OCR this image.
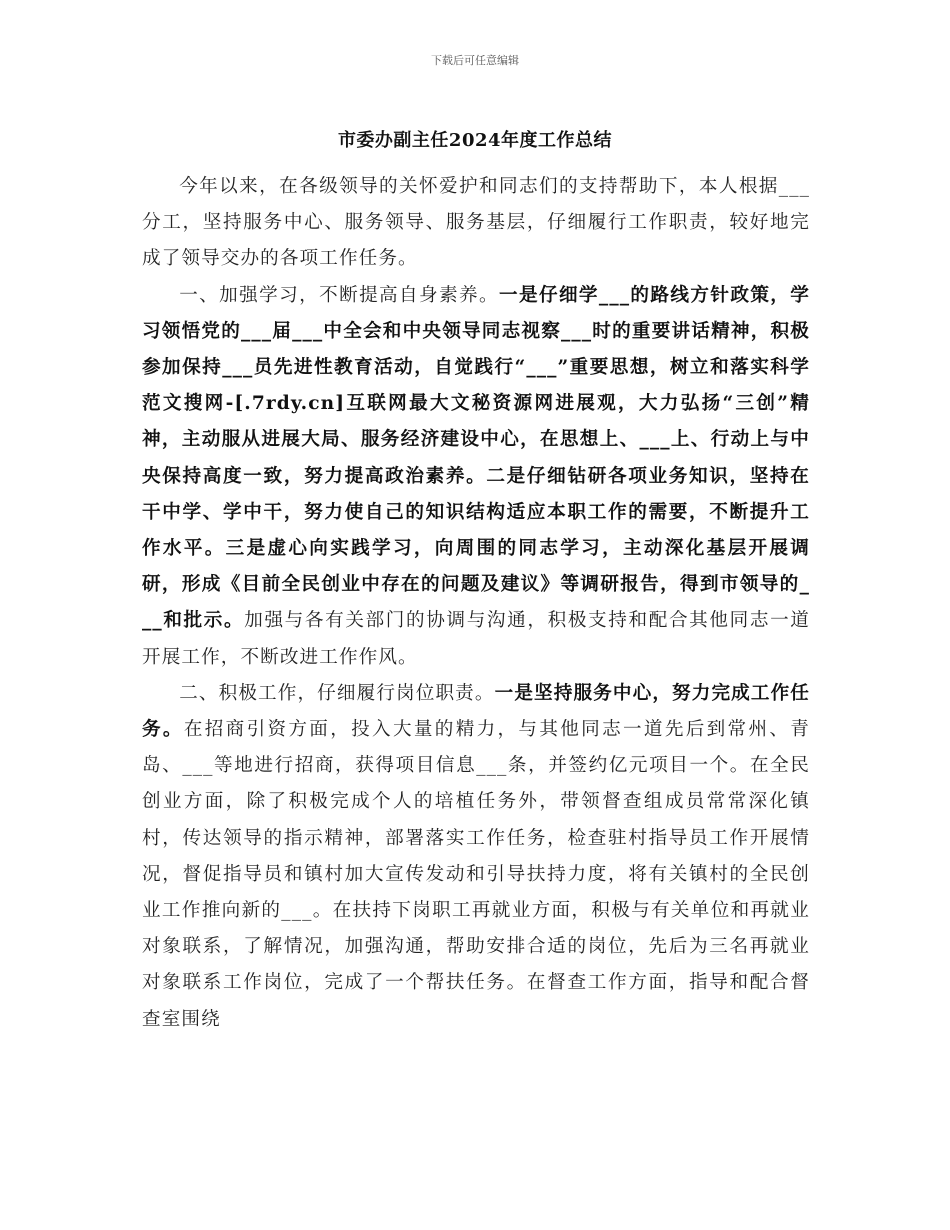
下载后可任意编辑
市委办副主任2024年度工作总结

今年以来，在各级领导的关怀爱护和同志们的支持帮助下，本人根据___分工，坚持服务中心、服务领导、服务基层，仔细履行工作职责，较好地完成了领导交办的各项工作任务。

一、加强学习，不断提高自身素养。一是仔细学___的路线方针政策，学习领悟党的___届___中全会和中央领导同志视察___时的重要讲话精神，积极参加保持___员先进性教育活动，自觉践行“___”重要思想，树立和落实科学范文搜网-[.7rdy.cn]互联网最大文秘资源网进展观，大力弘扬“三创”精神，主动服从进展大局、服务经济建设中心，在思想上、___上、行动上与中央保持高度一致，努力提高政治素养。二是仔细钻研各项业务知识，坚持在干中学、学中干，努力使自己的知识结构适应本职工作的需要，不断提升工作水平。三是虚心向实践学习，向周围的同志学习，主动深化基层开展调研，形成《目前全民创业中存在的问题及建议》等调研报告，得到市领导的___和批示。加强与各有关部门的协调与沟通，积极支持和配合其他同志一道开展工作，不断改进工作作风。

二、积极工作，仔细履行岗位职责。一是坚持服务中心，努力完成工作任务。在招商引资方面，投入大量的精力，与其他同志一道先后到常州、青岛、___等地进行招商，获得项目信息___条，并签约亿元项目一个。在全民创业方面，除了积极完成个人的培植任务外，带领督查组成员常常深化镇村，传达领导的指示精神，部署落实工作任务，检查驻村指导员工作开展情况，督促指导员和镇村加大宣传发动和引导扶持力度，将有关镇村的全民创业工作推向新的___。在扶持下岗职工再就业方面，积极与有关单位和再就业对象联系，了解情况，加强沟通，帮助安排合适的岗位，先后为三名再就业对象联系工作岗位，完成了一个帮扶任务。在督查工作方面，指导和配合督查室围绕
